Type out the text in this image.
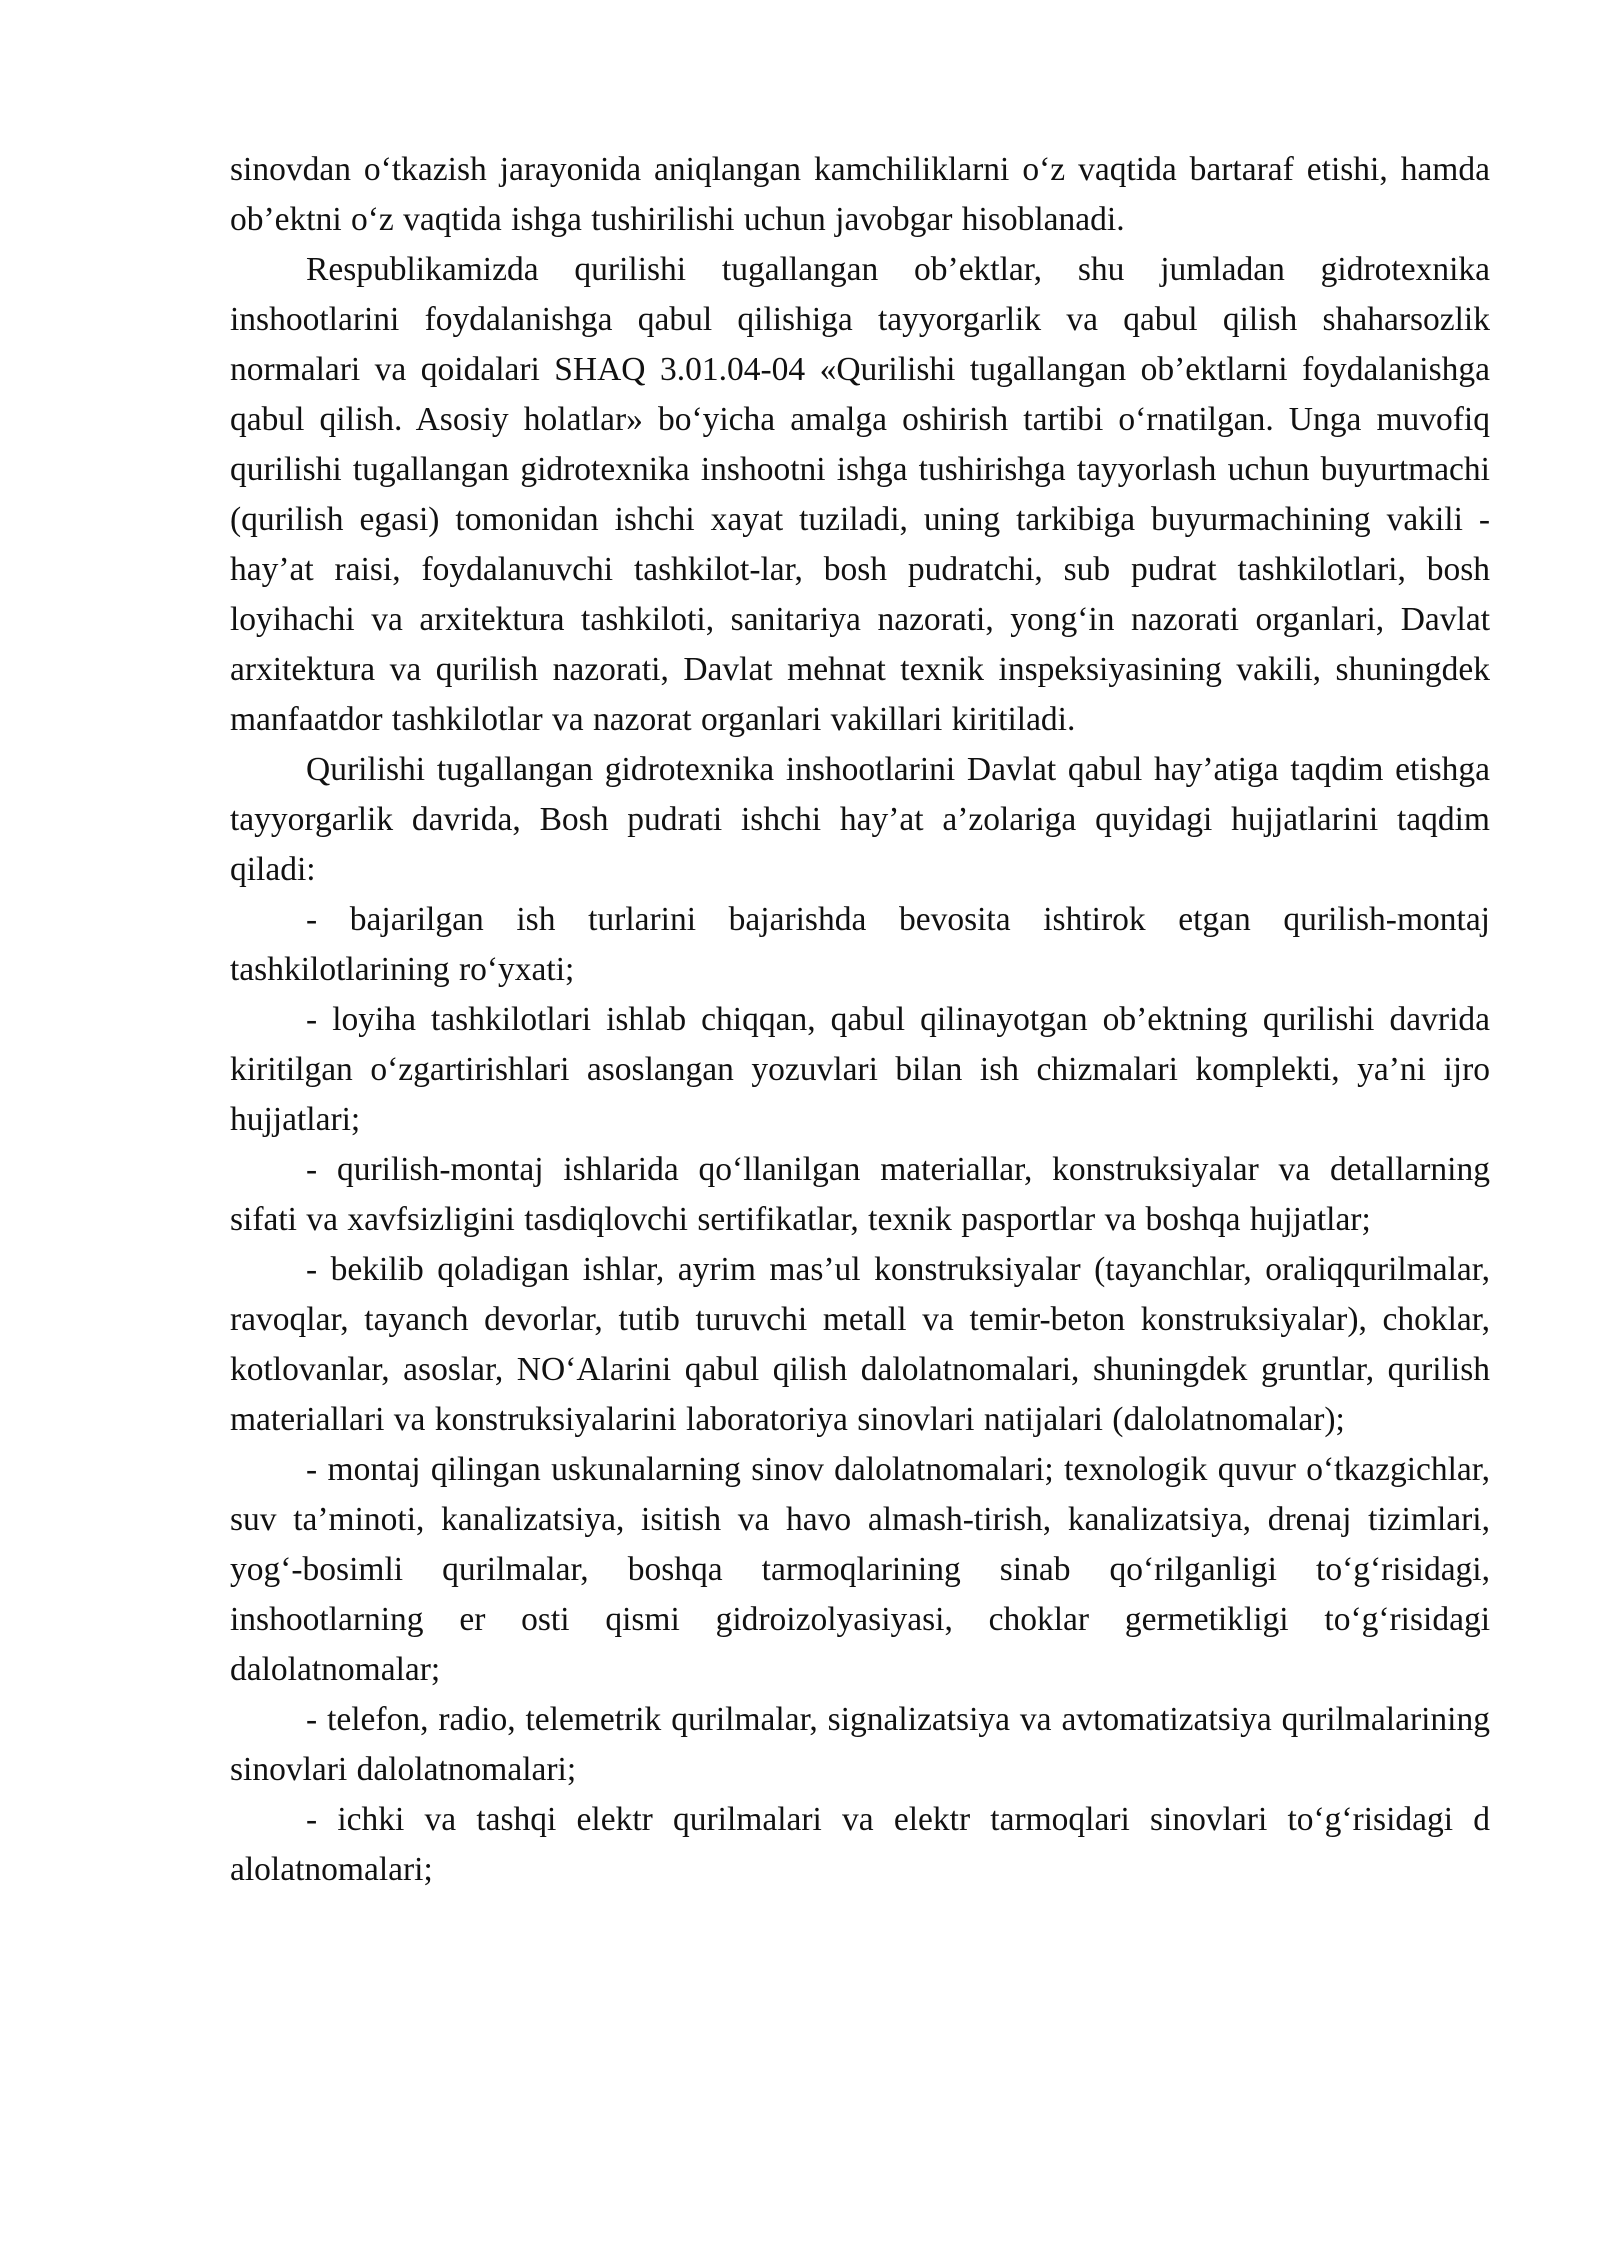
sinovdan o‘tkazish jarayonida aniqlangan kamchiliklarni o‘z vaqtida bartaraf etishi, hamda ob’ektni o‘z vaqtida ishga tushirilishi uchun javobgar hisoblanadi.

Respublikamizda qurilishi tugallangan ob’ektlar, shu jumladan gidrotexnika inshootlarini foydalanishga qabul qilishiga tayyorgarlik va qabul qilish shaharsozlik normalari va qoidalari SHAQ 3.01.04-04 «Qurilishi tugallangan ob’ektlarni foydalanishga qabul qilish. Asosiy holatlar» bo‘yicha amalga oshirish tartibi o‘rnatilgan. Unga muvofiq qurilishi tugallangan gidrotexnika inshootni ishga tushirishga tayyorlash uchun buyurtmachi (qurilish egasi) tomonidan ishchi xayat tuziladi, uning tarkibiga buyurmachining vakili - hay’at raisi, foydalanuvchi tashkilot-lar, bosh pudratchi, sub pudrat tashkilotlari, bosh loyihachi va arxitektura tashkiloti, sanitariya nazorati, yong‘in nazorati organlari, Davlat arxitektura va qurilish nazorati, Davlat mehnat texnik inspeksiyasining vakili, shuningdek manfaatdor tashkilotlar va nazorat organlari vakillari kiritiladi.

Qurilishi tugallangan gidrotexnika inshootlarini Davlat qabul hay’atiga taqdim etishga tayyorgarlik davrida, Bosh pudrati ishchi hay’at a’zolariga quyidagi hujjatlarini taqdim qiladi:

- bajarilgan ish turlarini bajarishda bevosita ishtirok etgan qurilish-montaj tashkilotlarining ro‘yxati;

- loyiha tashkilotlari ishlab chiqqan, qabul qilinayotgan ob’ektning qurilishi davrida kiritilgan o‘zgartirishlari asoslangan yozuvlari bilan ish chizmalari komplekti, ya’ni ijro hujjatlari;

- qurilish-montaj ishlarida qo‘llanilgan materiallar, konstruksiyalar va detallarning sifati va xavfsizligini tasdiqlovchi sertifikatlar, texnik pasportlar va boshqa hujjatlar;

- bekilib qoladigan ishlar, ayrim mas’ul konstruksiyalar (tayanchlar, oraliqqurilmalar, ravoqlar, tayanch devorlar, tutib turuvchi metall va temir-beton konstruksiyalar), choklar, kotlovanlar, asoslar, NO‘Alarini qabul qilish dalolatnomalari, shuningdek gruntlar, qurilish materiallari va konstruksiyalarini laboratoriya sinovlari natijalari (dalolatnomalar);

- montaj qilingan uskunalarning sinov dalolatnomalari; texnologik quvur o‘tkazgichlar, suv ta’minoti, kanalizatsiya, isitish va havo almash-tirish, kanalizatsiya, drenaj tizimlari, yog‘-bosimli qurilmalar, boshqa tarmoqlarining sinab qo‘rilganligi to‘g‘risidagi, inshootlarning er osti qismi gidroizolyasiyasi, choklar germetikligi to‘g‘risidagi dalolatnomalar;

- telefon, radio, telemetrik qurilmalar, signalizatsiya va avtomatizatsiya qurilmalarining sinovlari dalolatnomalari;

- ichki va tashqi elektr qurilmalari va elektr tarmoqlari sinovlari to‘g‘risidagi d alolatnomalari;
